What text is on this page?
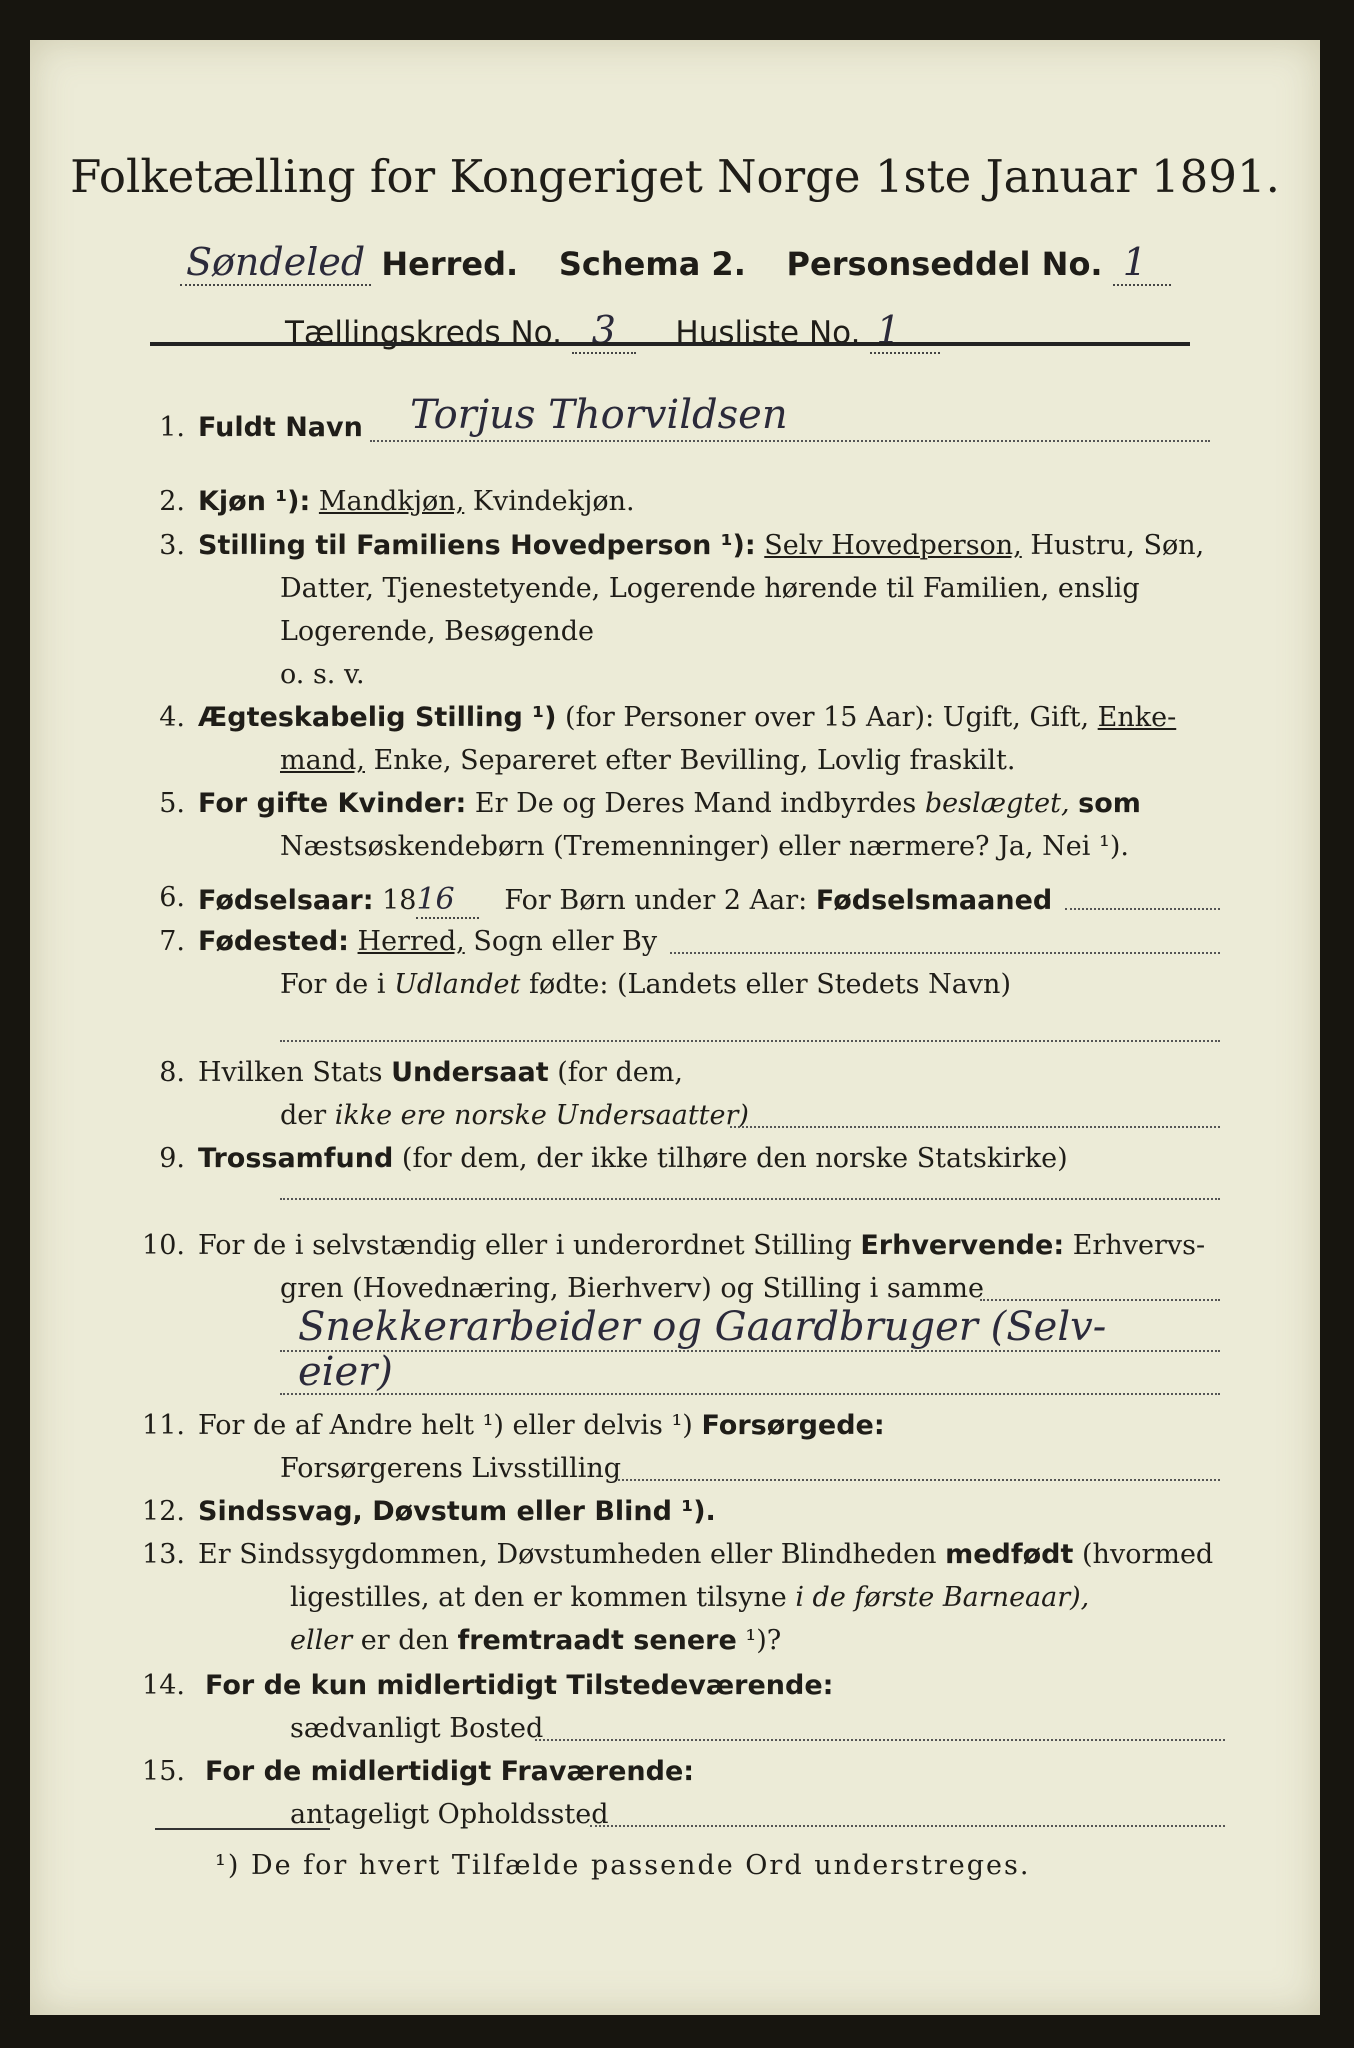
Folketælling for Kongeriget Norge 1ste Januar 1891.
Søndeled Herred. Schema 2. Personseddel No. 1
Tællingskreds No. 3 Husliste No. 1
1. Fuldt Navn Torjus Thorvildsen
2. Kjøn ¹): Mandkjøn, Kvindekjøn.
3. Stilling til Familiens Hovedperson ¹): Selv Hovedperson, Hustru, Søn,
Datter, Tjenestetyende, Logerende hørende til Familien, enslig
Logerende, Besøgende
o. s. v.
4. Ægteskabelig Stilling ¹) (for Personer over 15 Aar): Ugift, Gift, Enke-
mand, Enke, Separeret efter Bevilling, Lovlig fraskilt.
5. For gifte Kvinder: Er De og Deres Mand indbyrdes beslægtet, som
Næstsøskendebørn (Tremenninger) eller nærmere? Ja, Nei ¹).
6. Fødselsaar: 1816 For Børn under 2 Aar: Fødselsmaaned
7. Fødested: Herred, Sogn eller By
For de i Udlandet fødte: (Landets eller Stedets Navn)
8. Hvilken Stats Undersaat (for dem,
der ikke ere norske Undersaatter)
9. Trossamfund (for dem, der ikke tilhøre den norske Statskirke)
10. For de i selvstændig eller i underordnet Stilling Erhvervende: Erhvervs-
gren (Hovednæring, Bierhverv) og Stilling i samme
Snekkerarbeider og Gaardbruger (Selv-
eier)
11. For de af Andre helt ¹) eller delvis ¹) Forsørgede:
Forsørgerens Livsstilling
12. Sindssvag, Døvstum eller Blind ¹).
13. Er Sindssygdommen, Døvstumheden eller Blindheden medfødt (hvormed
ligestilles, at den er kommen tilsyne i de første Barneaar),
eller er den fremtraadt senere ¹)?
14. For de kun midlertidigt Tilstedeværende:
sædvanligt Bosted
15. For de midlertidigt Fraværende:
antageligt Opholdssted
¹) De for hvert Tilfælde passende Ord understreges.
